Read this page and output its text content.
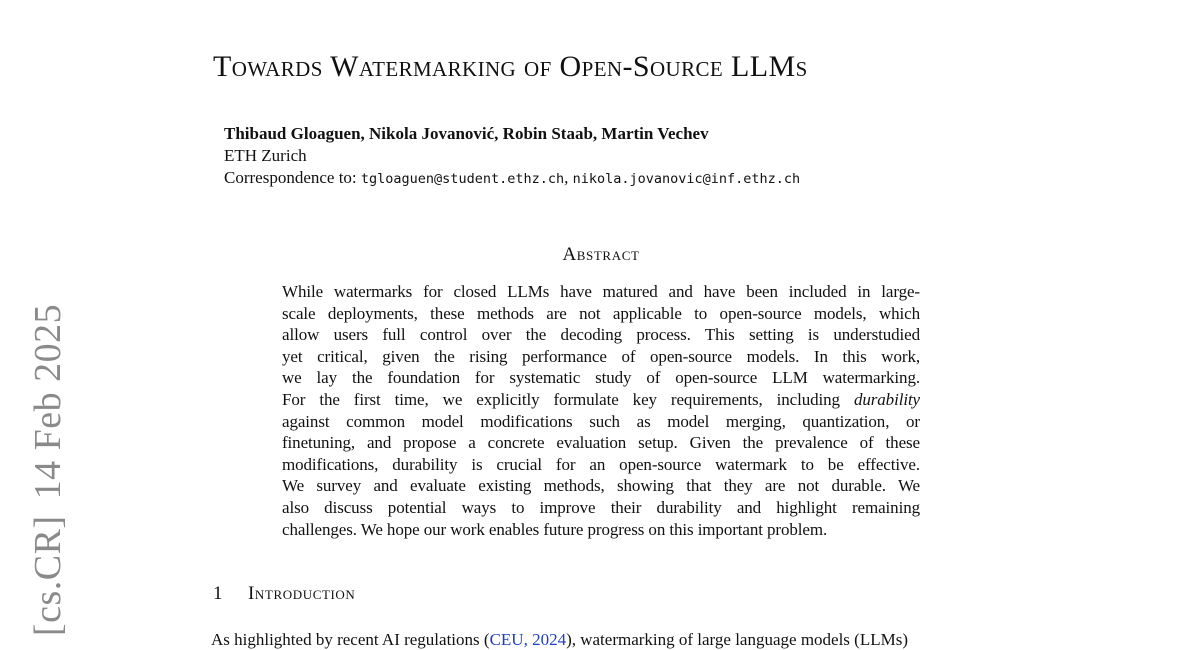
[cs.CR]14 Feb 2025
Towards Watermarking of Open-Source LLMs
Thibaud Gloaguen, Nikola Jovanović, Robin Staab, Martin Vechev
ETH Zurich
Correspondence to: tgloaguen@student.ethz.ch, nikola.jovanovic@inf.ethz.ch
Abstract
While watermarks for closed LLMs have matured and have been included in large-
scale deployments, these methods are not applicable to open-source models, which
allow users full control over the decoding process. This setting is understudied
yet critical, given the rising performance of open-source models. In this work,
we lay the foundation for systematic study of open-source LLM watermarking.
For the first time, we explicitly formulate key requirements, including durability
against common model modifications such as model merging, quantization, or
finetuning, and propose a concrete evaluation setup. Given the prevalence of these
modifications, durability is crucial for an open-source watermark to be effective.
We survey and evaluate existing methods, showing that they are not durable. We
also discuss potential ways to improve their durability and highlight remaining
challenges. We hope our work enables future progress on this important problem.
1 Introduction
As highlighted by recent AI regulations (CEU, 2024), watermarking of large language models (LLMs)
